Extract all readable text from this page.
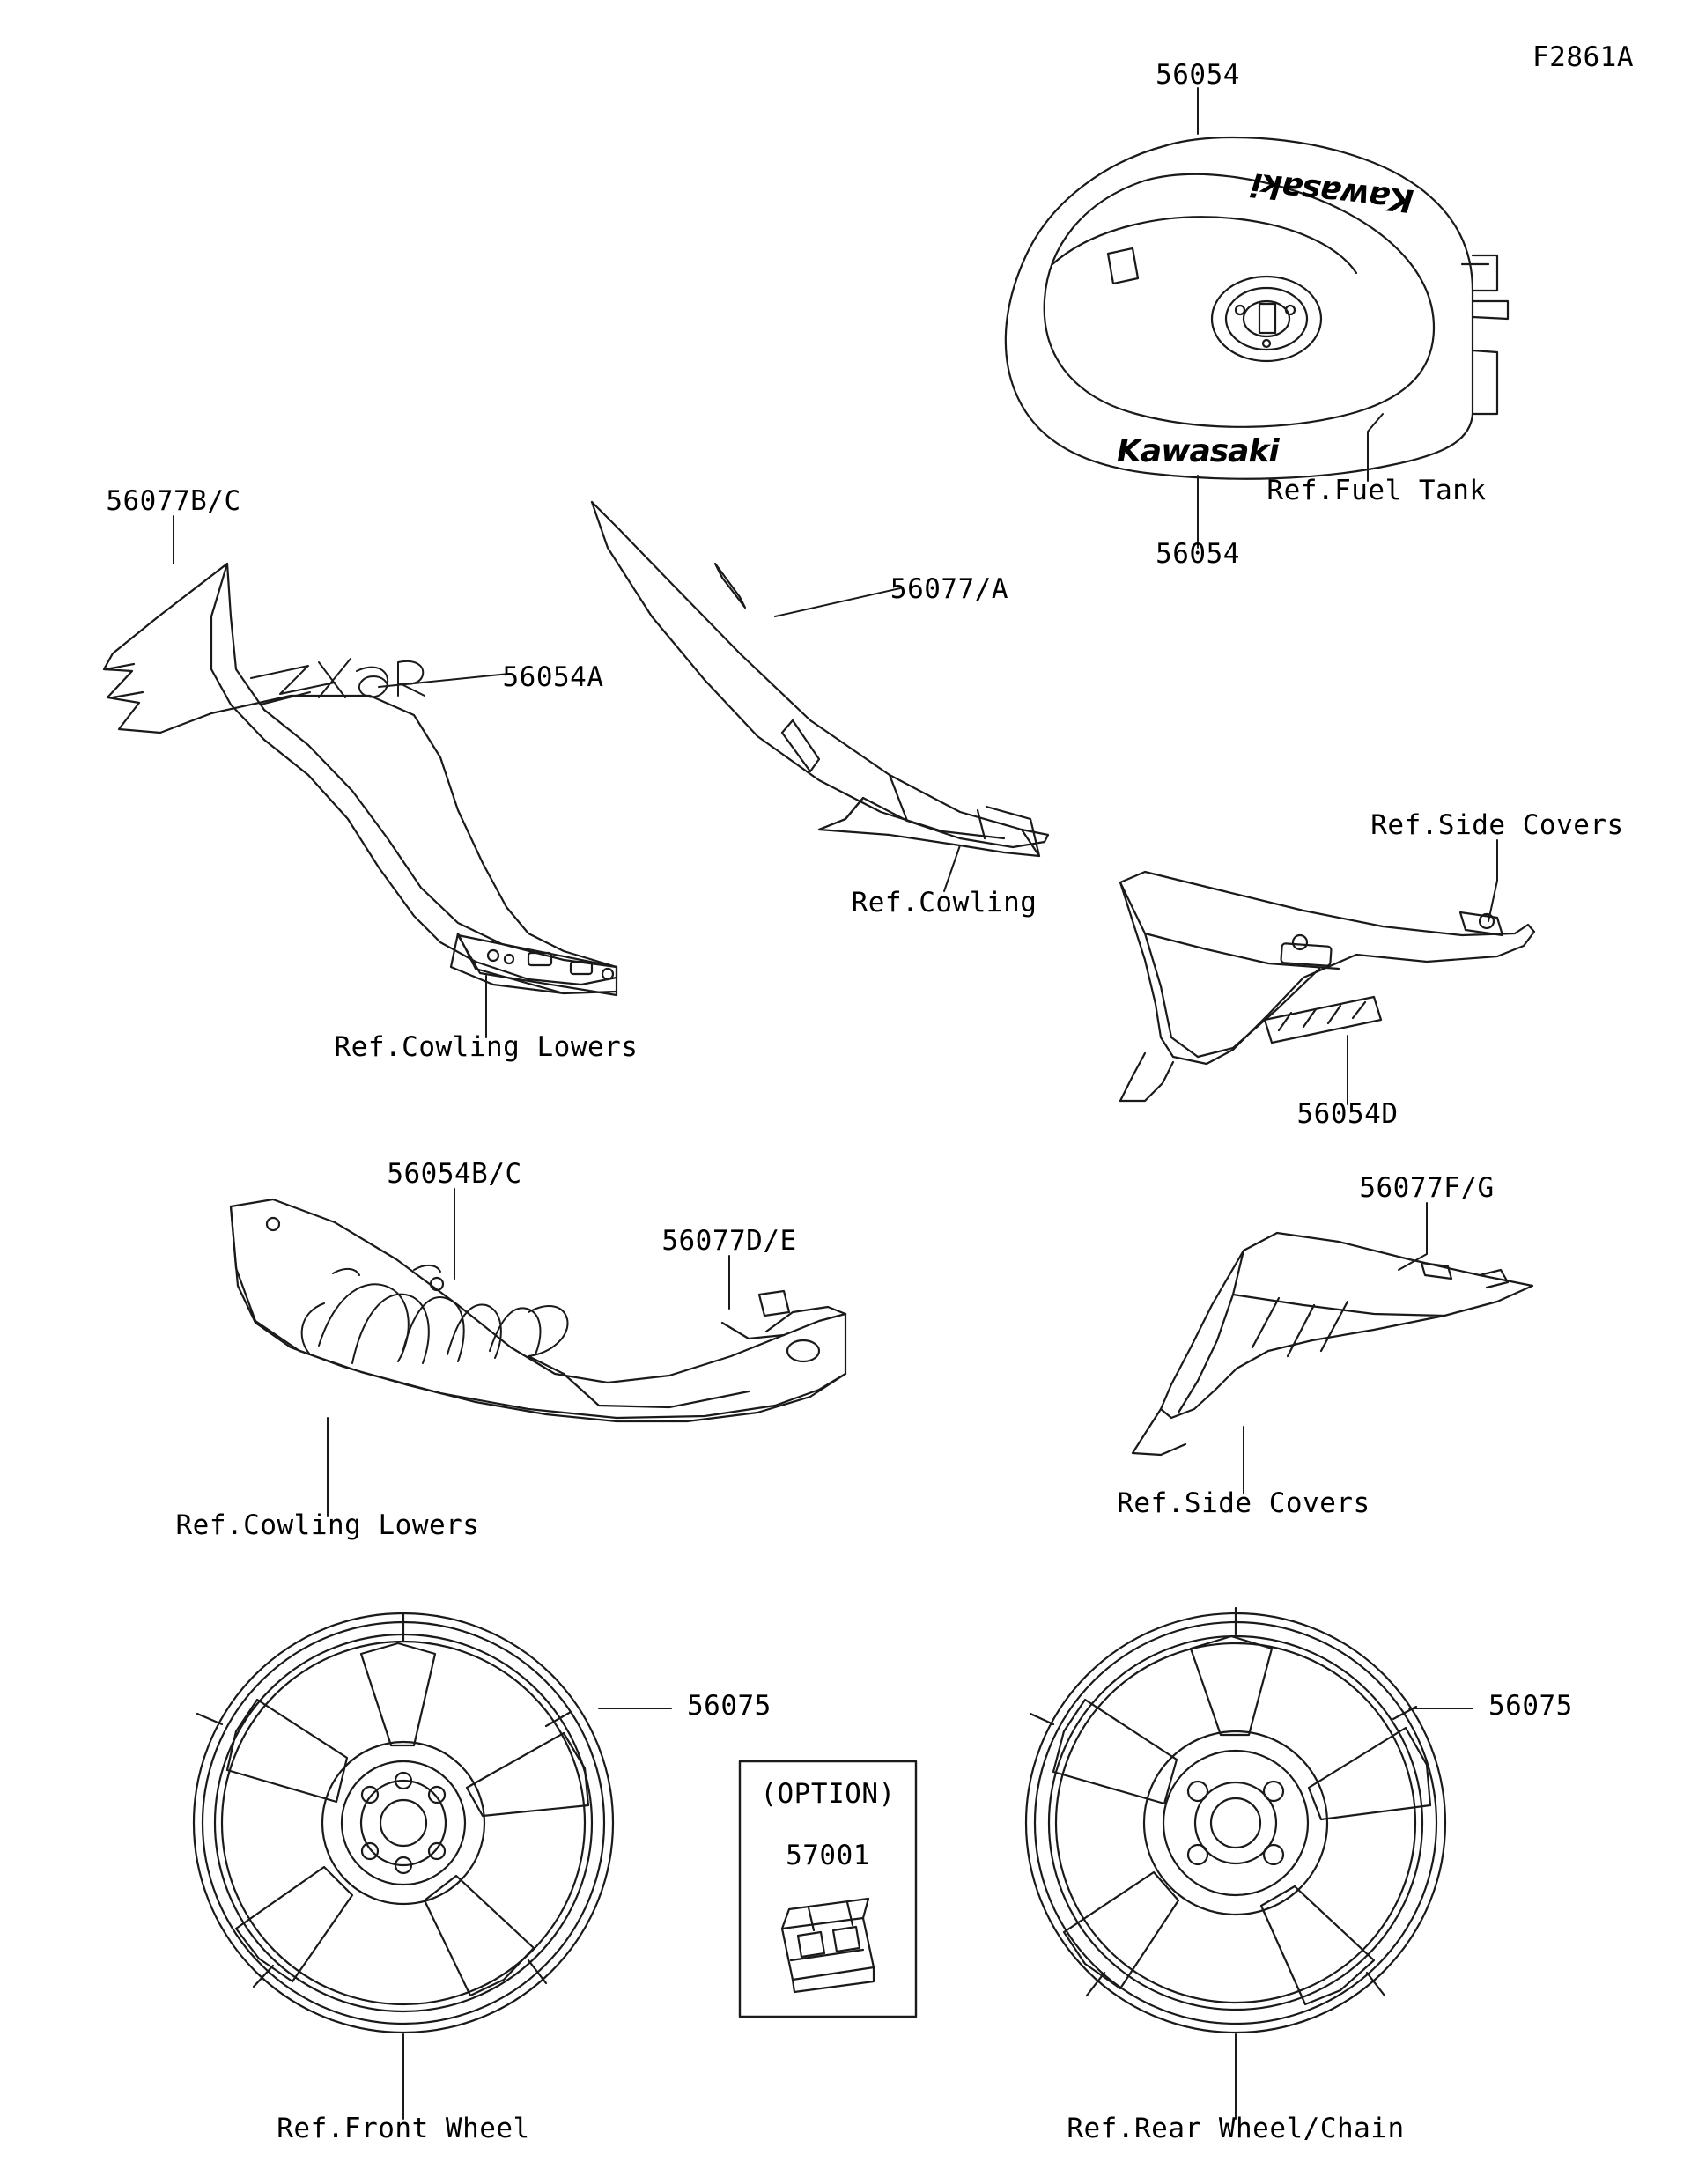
F2861A
56054
56054
Ref.Fuel Tank
56077B/C
56054A
56077/A
Ref.Cowling
Ref.Cowling Lowers
Ref.Side Covers
56054D
56054B/C
56077D/E
Ref.Cowling Lowers
56077F/G
Ref.Side Covers
56075	56075
Ref.Front Wheel	Ref.Rear Wheel/Chain
(OPTION)
57001
Kawasaki
Kawasaki
